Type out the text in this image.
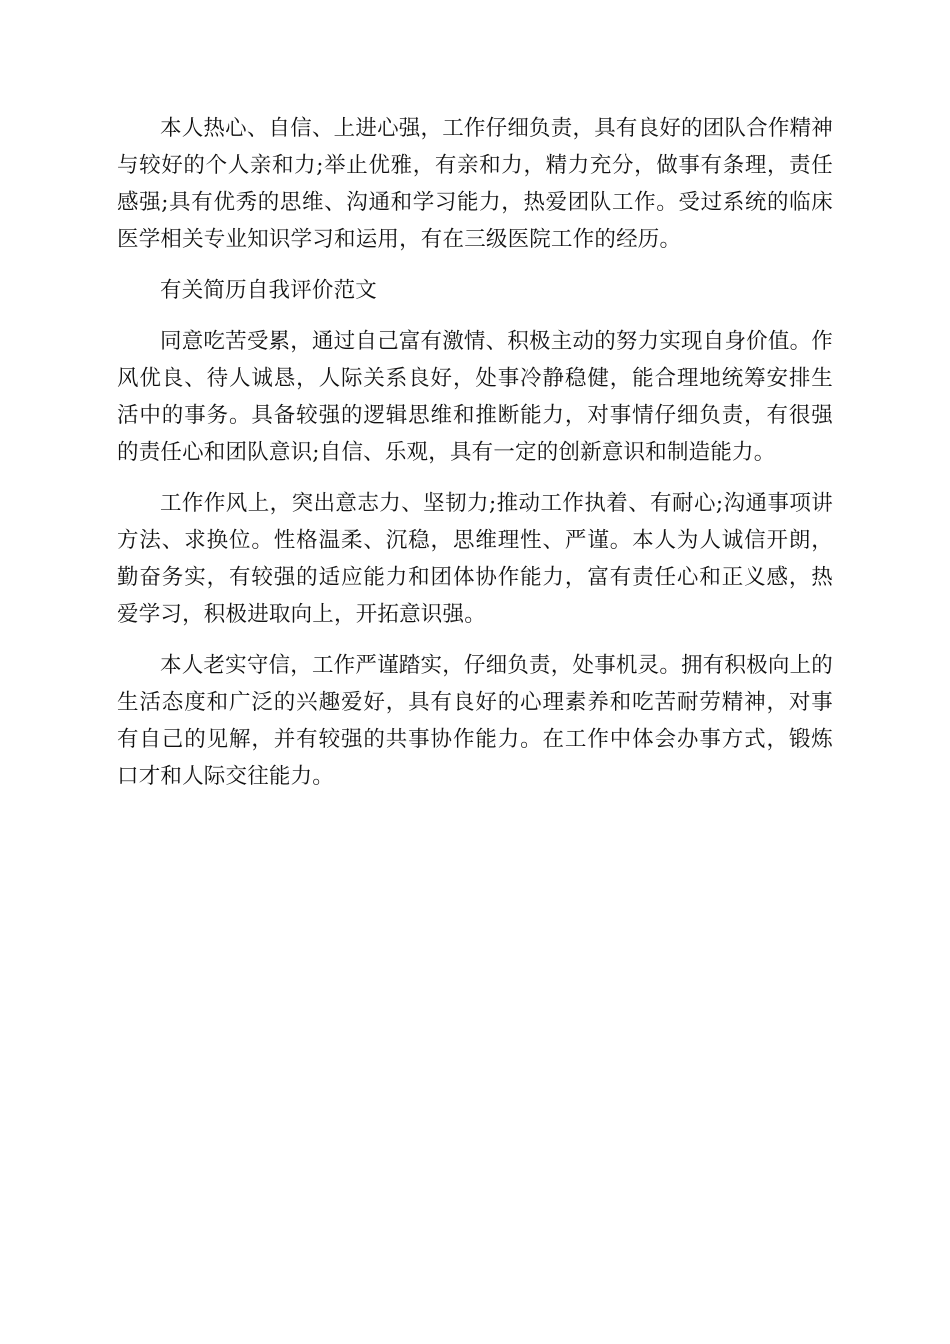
本人热心、自信、上进心强，工作仔细负责，具有良好的团队合作精神与较好的个人亲和力;举止优雅，有亲和力，精力充分，做事有条理，责任感强;具有优秀的思维、沟通和学习能力，热爱团队工作。受过系统的临床医学相关专业知识学习和运用，有在三级医院工作的经历。

有关简历自我评价范文

同意吃苦受累，通过自己富有激情、积极主动的努力实现自身价值。作风优良、待人诚恳，人际关系良好，处事冷静稳健，能合理地统筹安排生活中的事务。具备较强的逻辑思维和推断能力，对事情仔细负责，有很强的责任心和团队意识;自信、乐观，具有一定的创新意识和制造能力。

工作作风上，突出意志力、坚韧力;推动工作执着、有耐心;沟通事项讲方法、求换位。性格温柔、沉稳，思维理性、严谨。本人为人诚信开朗，勤奋务实，有较强的适应能力和团体协作能力，富有责任心和正义感，热爱学习，积极进取向上，开拓意识强。

本人老实守信，工作严谨踏实，仔细负责，处事机灵。拥有积极向上的生活态度和广泛的兴趣爱好，具有良好的心理素养和吃苦耐劳精神，对事有自己的见解，并有较强的共事协作能力。在工作中体会办事方式，锻炼口才和人际交往能力。
